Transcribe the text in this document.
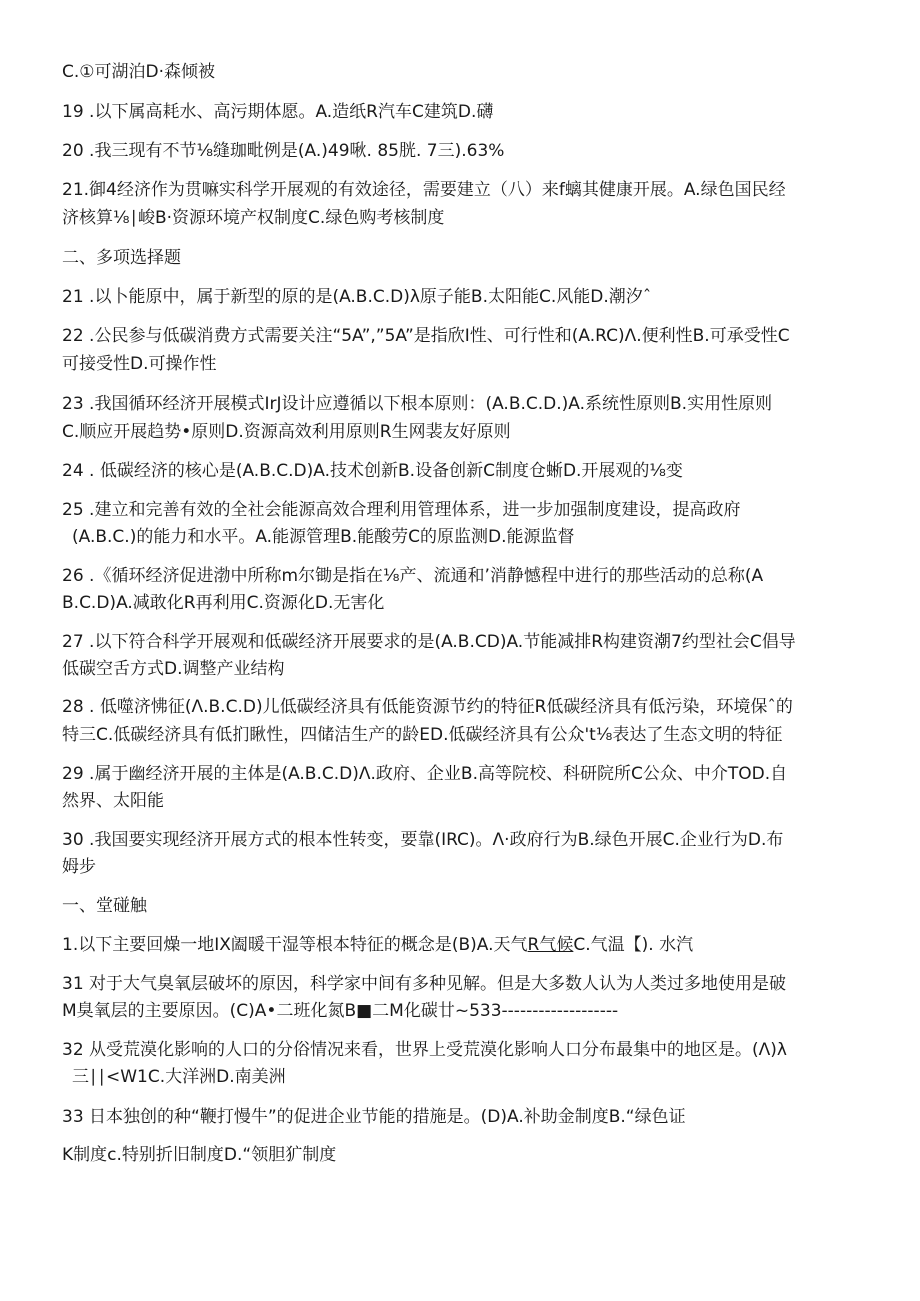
C.①可湖泊D·森倾被
19 .以下属高耗水、高污期体愿。A.造纸R汽车C建筑D.礴
20 .我三现有不节⅛缝珈毗例是(A.)49啾. 85胱. 7三).63%
21.御4经济作为贯嘛实科学开展观的有效途径，需要建立（八）来f螭其健康开展。A.绿色国民经
济核算⅛∣峻B·资源环境产权制度C.绿色购考核制度
二、多项选择题
21 .以卜能原中，属于新型的原的是(A.B.C.D)λ原子能B.太阳能C.风能D.潮汐ˆ
22 .公民参与低碳消费方式需要关注“5A”,”5A”是指欣I性、可行性和(A.RC)Λ.便利性B.可承受性C
可接受性D.可操作性
23 .我国循环经济开展模式IrJ设计应遵循以下根本原则：(A.B.C.D.)A.系统性原则B.实用性原则
C.顺应开展趋势•原则D.资源高效利用原则R生网裴友好原则
24 . 低碳经济的核心是(A.B.C.D)A.技术创新B.设备创新C制度仓蜥D.开展观的⅛变
25 .建立和完善有效的全社会能源高效合理利用管理体系，进一步加强制度建设，提高政府
(A.B.C.)的能力和水平。A.能源管理B.能酸劳C的原监测D.能源监督
26 .《循环经济促进渤中所称m尔锄是指在⅛产、流通和’消静憾程中进行的那些活动的总称(A
B.C.D)A.减敢化R再利用C.资源化D.无害化
27 .以下符合科学开展观和低碳经济开展要求的是(A.B.CD)A.节能减排R构建资潮7约型社会C倡导
低碳空舌方式D.调整产业结构
28 . 低噬济怫征(Λ.B.C.D)儿低碳经济具有低能资源节约的特征R低碳经济具有低污染，环境保ˆ的
特三C.低碳经济具有低扪瞅性，四储洁生产的龄ED.低碳经济具有公众't⅛表达了生态文明的特征
29 .属于幽经济开展的主体是(A.B.C.D)Λ.政府、企业B.高等院校、科研院所C公众、中介TOD.自
然界、太阳能
30 .我国要实现经济开展方式的根本性转变，要靠(IRC)。Λ·政府行为B.绿色开展C.企业行为D.布
姆步
一、堂碰触
1.以下主要回燥一地IX阖暖干湿等根本特征的概念是(B)A.天气R气候C.气温【). 水汽
31 对于大气臭氧层破坏的原因，科学家中间有多种见解。但是大多数人认为人类过多地使用是破
M臭氧层的主要原因。(C)A•二班化氮B■二M化碳廿~533-------------------
32 从受荒漠化影响的人口的分俗情况来看，世界上受荒漠化影响人口分布最集中的地区是。(Λ)λ
三∣∣<W1C.大洋洲D.南美洲
33 日本独创的种“鞭打慢牛”的促进企业节能的措施是。(D)A.补助金制度B.“绿色证
K制度c.特别折旧制度D.“领胆犷制度
